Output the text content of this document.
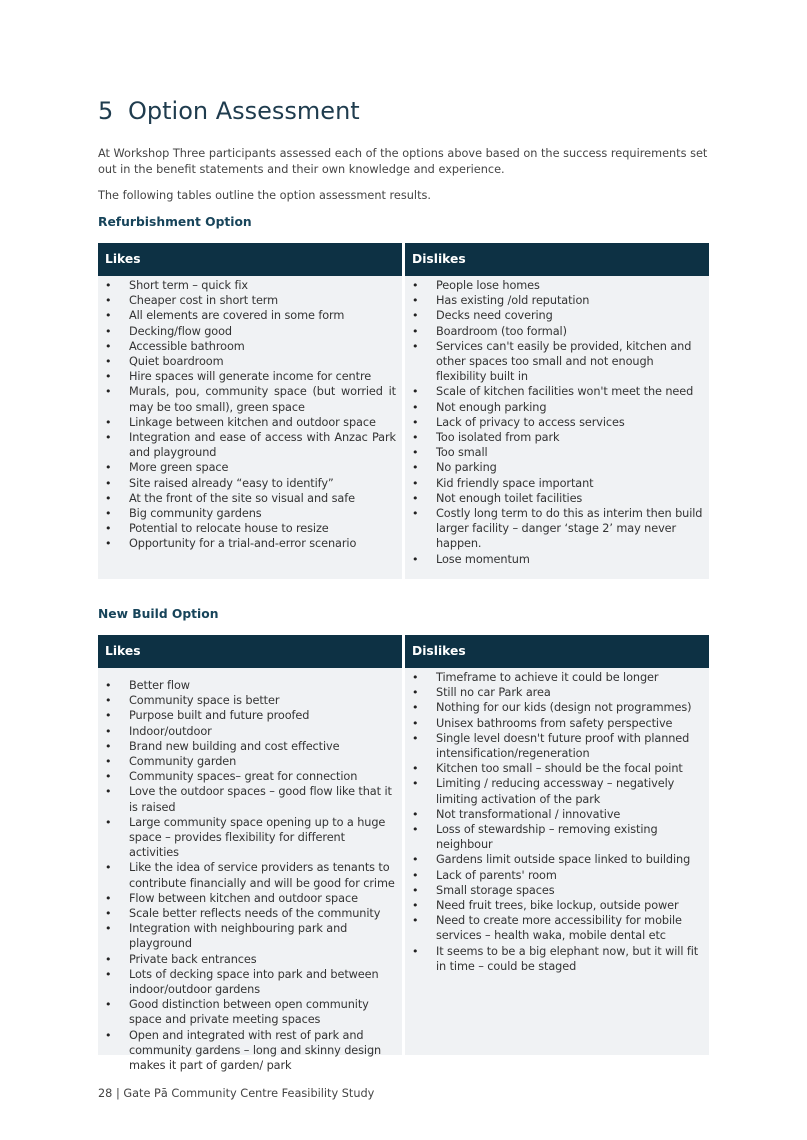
5 Option Assessment

At Workshop Three participants assessed each of the options above based on the success requirements set out in the benefit statements and their own knowledge and experience.

The following tables outline the option assessment results.

Refurbishment Option
Likes	Dislikes
• Short term – quick fix
• Cheaper cost in short term
• All elements are covered in some form
• Decking/flow good
• Accessible bathroom
• Quiet boardroom
• Hire spaces will generate income for centre
• Murals, pou, community space (but worried it may be too small), green space
• Linkage between kitchen and outdoor space
• Integration and ease of access with Anzac Park and playground
• More green space
• Site raised already “easy to identify”
• At the front of the site so visual and safe
• Big community gardens
• Potential to relocate house to resize
• Opportunity for a trial-and-error scenario
• People lose homes
• Has existing /old reputation
• Decks need covering
• Boardroom (too formal)
• Services can't easily be provided, kitchen and other spaces too small and not enough flexibility built in
• Scale of kitchen facilities won't meet the need
• Not enough parking
• Lack of privacy to access services
• Too isolated from park
• Too small
• No parking
• Kid friendly space important
• Not enough toilet facilities
• Costly long term to do this as interim then build larger facility – danger ‘stage 2’ may never happen.
• Lose momentum
New Build Option
Likes	Dislikes
• Better flow
• Community space is better
• Purpose built and future proofed
• Indoor/outdoor
• Brand new building and cost effective
• Community garden
• Community spaces– great for connection
• Love the outdoor spaces – good flow like that it is raised
• Large community space opening up to a huge space – provides flexibility for different activities
• Like the idea of service providers as tenants to contribute financially and will be good for crime
• Flow between kitchen and outdoor space
• Scale better reflects needs of the community
• Integration with neighbouring park and playground
• Private back entrances
• Lots of decking space into park and between indoor/outdoor gardens
• Good distinction between open community space and private meeting spaces
• Open and integrated with rest of park and community gardens – long and skinny design makes it part of garden/ park
• Timeframe to achieve it could be longer
• Still no car Park area
• Nothing for our kids (design not programmes)
• Unisex bathrooms from safety perspective
• Single level doesn't future proof with planned intensification/regeneration
• Kitchen too small – should be the focal point
• Limiting / reducing accessway – negatively limiting activation of the park
• Not transformational / innovative
• Loss of stewardship – removing existing neighbour
• Gardens limit outside space linked to building
• Lack of parents' room
• Small storage spaces
• Need fruit trees, bike lockup, outside power
• Need to create more accessibility for mobile services – health waka, mobile dental etc
• It seems to be a big elephant now, but it will fit in time – could be staged

28 | Gate Pā Community Centre Feasibility Study
